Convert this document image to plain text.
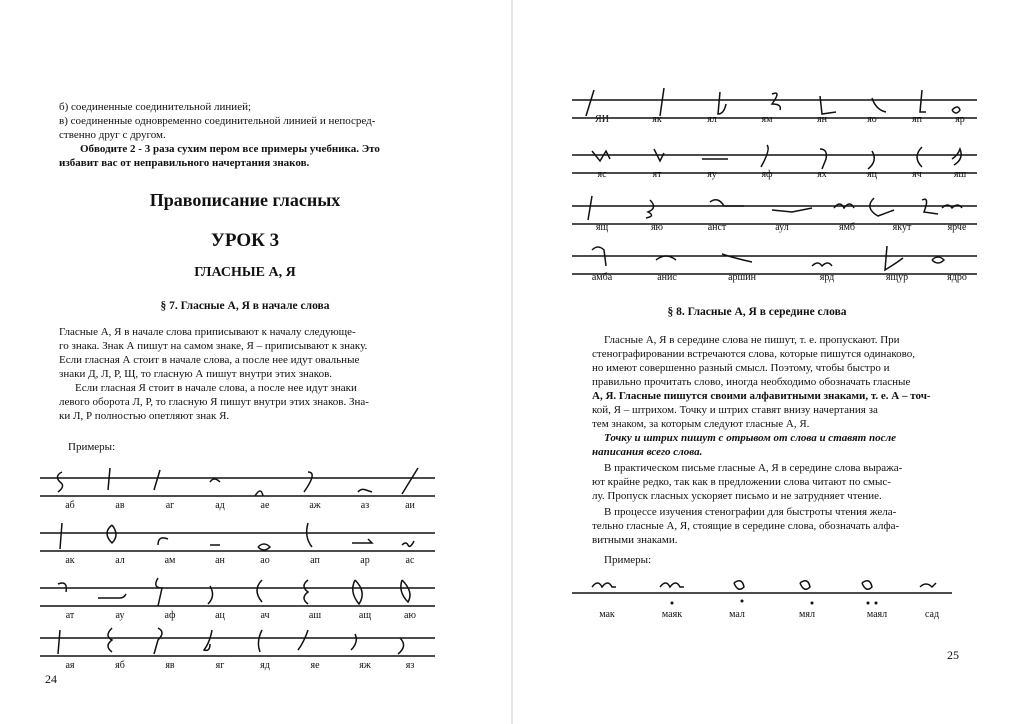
б) соединенные соединительной линией;

в) соединенные одновременно соединительной линией и непосред-

ственно друг с другом.

Обводите 2 - 3 раза сухим пером все примеры учебника. Это

избавит вас от неправильного начертания знаков.

Правописание гласных
УРОК 3
ГЛАСНЫЕ А, Я
§ 7. Гласные А, Я в начале слова

Гласные А, Я в начале слова приписывают к началу следующе-

го знака. Знак А пишут на самом знаке, Я – приписывают к знаку.

Если гласная А стоит в начале слова, а после нее идут овальные

знаки Д, Л, Р, Щ, то гласную А пишут внутри этих знаков.

Если гласная Я стоит в начале слова, а после нее идут знаки

левого оборота Л, Р, то гласную Я пишут внутри этих знаков. Зна-

ки Л, Р полностью опетляют знак Я.

Примеры:

аб	ав	аг	ад	ае	аж	аз	аи
ак	ал	ам	ан	ао	ап	ар	ас
ат	ау	аф	ац	ач	аш	ащ	аю
ая	яб	яв	яг	яд	яе	яж	яз
24
ЯИ	як	ял	ям	ян	яо	яп	яр
яс	ят	яу	яф	ях	яц	яч	яш
ящ	яю	анст	аул	ямб	якут	ярче
амба	анис	аршин	ярд	ящур	ядро
§ 8. Гласные А, Я в середине слова

Гласные А, Я в середине слова не пишут, т. е. пропускают. При

стенографировании встречаются слова, которые пишутся одинаково,

но имеют совершенно разный смысл. Поэтому, чтобы быстро и

правильно прочитать слово, иногда необходимо обозначать гласные

А, Я. Гласные пишутся своими алфавитными знаками, т. е. А – точ-

кой, Я – штрихом. Точку и штрих ставят внизу начертания за

тем знаком, за которым следуют гласные А, Я.

Точку и штрих пишут с отрывом от слова и ставят после

написания всего слова.

В практическом письме гласные А, Я в середине слова выража-

ют крайне редко, так как в предложении слова читают по смыс-

лу. Пропуск гласных ускоряет письмо и не затрудняет чтение.

В процессе изучения стенографии для быстроты чтения жела-

тельно гласные А, Я, стоящие в середине слова, обозначать алфа-

витными знаками.

Примеры:

мак	маяк	мал	мял	маял	сад
25
